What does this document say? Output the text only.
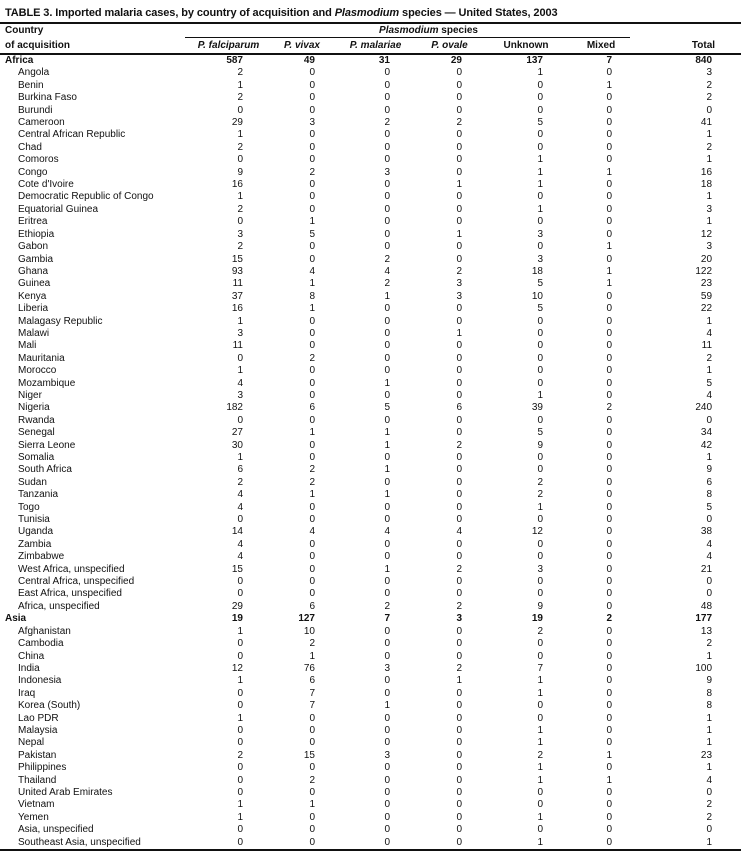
TABLE 3. Imported malaria cases, by country of acquisition and Plasmodium species — United States, 2003
Country	Plasmodium species						
of acquisition	P. falciparum	P. vivax	P. malariae	P. ovale	Unknown	Mixed	Total
Africa	587	49	31	29	137	7	840
Angola	2	0	0	0	1	0	3
Benin	1	0	0	0	0	1	2
Burkina Faso	2	0	0	0	0	0	2
Burundi	0	0	0	0	0	0	0
Cameroon	29	3	2	2	5	0	41
Central African Republic	1	0	0	0	0	0	1
Chad	2	0	0	0	0	0	2
Comoros	0	0	0	0	1	0	1
Congo	9	2	3	0	1	1	16
Cote d'Ivoire	16	0	0	1	1	0	18
Democratic Republic of Congo	1	0	0	0	0	0	1
Equatorial Guinea	2	0	0	0	1	0	3
Eritrea	0	1	0	0	0	0	1
Ethiopia	3	5	0	1	3	0	12
Gabon	2	0	0	0	0	1	3
Gambia	15	0	2	0	3	0	20
Ghana	93	4	4	2	18	1	122
Guinea	11	1	2	3	5	1	23
Kenya	37	8	1	3	10	0	59
Liberia	16	1	0	0	5	0	22
Malagasy Republic	1	0	0	0	0	0	1
Malawi	3	0	0	1	0	0	4
Mali	11	0	0	0	0	0	11
Mauritania	0	2	0	0	0	0	2
Morocco	1	0	0	0	0	0	1
Mozambique	4	0	1	0	0	0	5
Niger	3	0	0	0	1	0	4
Nigeria	182	6	5	6	39	2	240
Rwanda	0	0	0	0	0	0	0
Senegal	27	1	1	0	5	0	34
Sierra Leone	30	0	1	2	9	0	42
Somalia	1	0	0	0	0	0	1
South Africa	6	2	1	0	0	0	9
Sudan	2	2	0	0	2	0	6
Tanzania	4	1	1	0	2	0	8
Togo	4	0	0	0	1	0	5
Tunisia	0	0	0	0	0	0	0
Uganda	14	4	4	4	12	0	38
Zambia	4	0	0	0	0	0	4
Zimbabwe	4	0	0	0	0	0	4
West Africa, unspecified	15	0	1	2	3	0	21
Central Africa, unspecified	0	0	0	0	0	0	0
East Africa, unspecified	0	0	0	0	0	0	0
Africa, unspecified	29	6	2	2	9	0	48
Asia	19	127	7	3	19	2	177
Afghanistan	1	10	0	0	2	0	13
Cambodia	0	2	0	0	0	0	2
China	0	1	0	0	0	0	1
India	12	76	3	2	7	0	100
Indonesia	1	6	0	1	1	0	9
Iraq	0	7	0	0	1	0	8
Korea (South)	0	7	1	0	0	0	8
Lao PDR	1	0	0	0	0	0	1
Malaysia	0	0	0	0	1	0	1
Nepal	0	0	0	0	1	0	1
Pakistan	2	15	3	0	2	1	23
Philippines	0	0	0	0	1	0	1
Thailand	0	2	0	0	1	1	4
United Arab Emirates	0	0	0	0	0	0	0
Vietnam	1	1	0	0	0	0	2
Yemen	1	0	0	0	1	0	2
Asia, unspecified	0	0	0	0	0	0	0
Southeast Asia, unspecified	0	0	0	0	1	0	1
